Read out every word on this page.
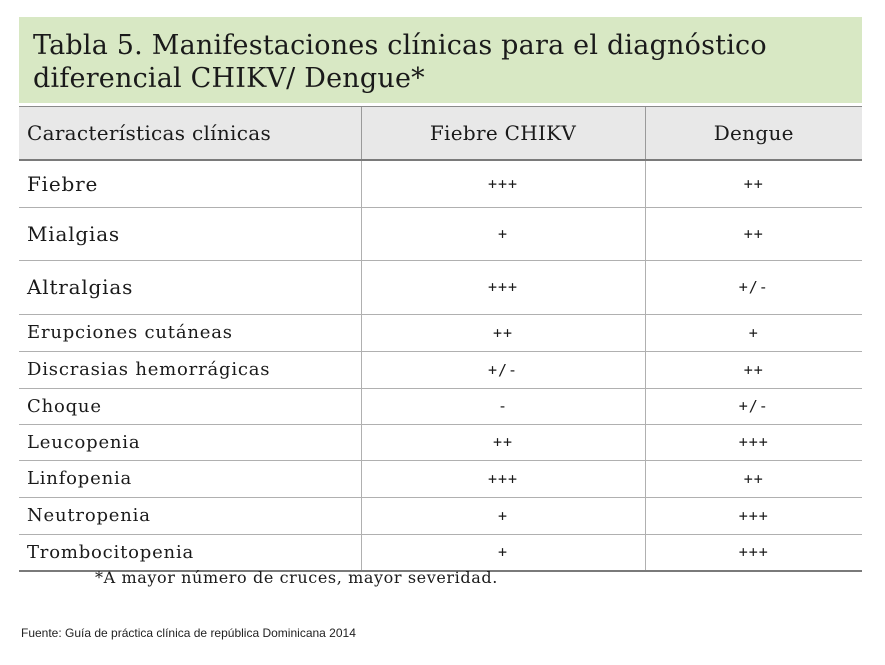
Tabla 5. Manifestaciones clínicas para el diagnóstico diferencial CHIKV/ Dengue*
Características clínicas	Fiebre CHIKV	Dengue
Fiebre	+++	++
Mialgias	+	++
Altralgias	+++	+/-
Erupciones cutáneas	++	+
Discrasias hemorrágicas	+/-	++
Choque	-	+/-
Leucopenia	++	+++
Linfopenia	+++	++
Neutropenia	+	+++
Trombocitopenia	+	+++
*A mayor número de cruces, mayor severidad.
Fuente: Guía de práctica clínica de república Dominicana 2014
